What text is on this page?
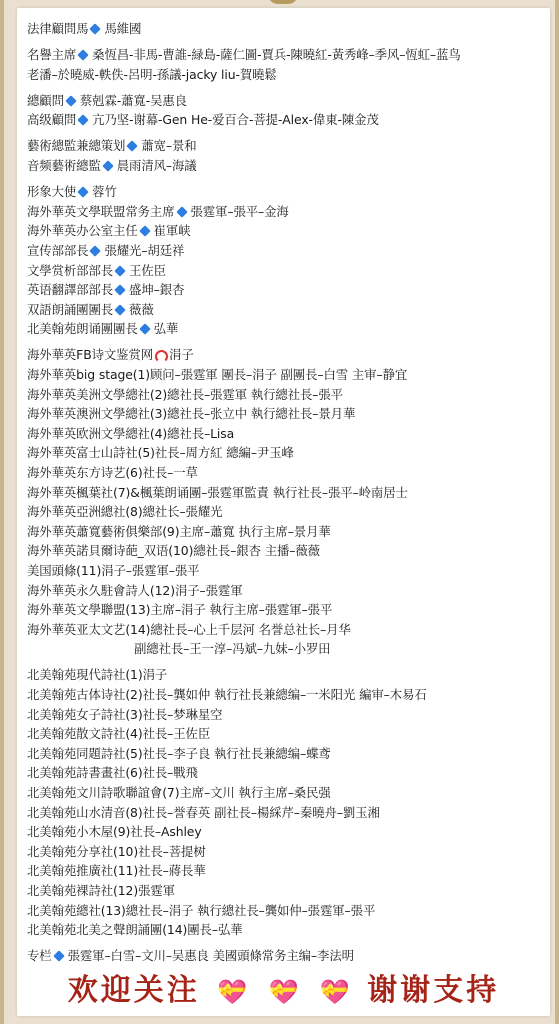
法律顧問馬 馬維國
名譽主席 桑恆昌-非馬-曹誰-緑島-薩仁圖-賈兵-陳曉紅-黃秀峰–季风–恆虹–蓝鸟
老潘–於曉威-軼佚-呂明-孫議-jacky liu-賀曉鬆
總顧問 蔡剋霖-蕭寬-吴惠良
高级顧問 亢乃坚-谢幕-Gen He-爱百合-菩提-Alex-偉東-陳金茂
藝術總監兼總策划 蕭宽–景和
音频藝術總監 晨雨清风–海議
形象大使 蓉竹
海外華英文學联盟常务主席 張霆軍–張平–金海
海外華英办公室主任 崔軍峡
宣传部部長 張耀光–胡廷祥
文學赏析部部長 王佐臣
英语翻譯部部長 盛坤–銀杏
双語朗誦團團長 薇薇
北美翰苑朗诵團團長 弘華
海外華英FB诗文鉴赏网 涓子
海外華英big stage(1)顾问–張霆軍 團長–涓子 副團長–白雪 主审–静宜
海外華英美洲文學總社(2)總社長–張霆軍 執行總社長–張平
海外華英澳洲文學總社(3)總社長–张立中 執行總社長–景月華
海外華英欧洲文學總社(4)總社長–Lisa
海外華英富士山詩社(5)社長–周方紅 總編–尹玉峰
海外華英东方诗艺(6)社長–一草
海外華英楓葉社(7)&楓葉朗诵團–張霆軍監責 執行社長–張平–岭南居士
海外華英亞洲總社(8)總社长–張耀光
海外華英蕭寬藝術俱樂部(9)主席–蕭寬 执行主席–景月華
海外華英諾貝爾诗葩_双语(10)總社長–銀杏 主播–薇薇
美国頭條(11)涓子–張霆軍–張平
海外華英永久駐會詩人(12)涓子–張霆軍
海外華英文學聯盟(13)主席–涓子 執行主席–張霆軍–張平
海外華英亚太文艺(14)總社長–心上千层河 名誉总社长–月华
副總社長–王一淳–冯斌–九妹–小罗田
北美翰苑現代詩社(1)涓子
北美翰苑古体诗社(2)社長–龔如仲 執行社長兼總编–一米阳光 編审–木易石
北美翰苑女子詩社(3)社長–梦琳星空
北美翰苑散文詩社(4)社長–王佐臣
北美翰苑同題詩社(5)社長–李子良 執行社長兼總编–蝶鸢
北美翰苑詩書畫社(6)社長–戰飛
北美翰苑文川詩歌聯誼會(7)主席–文川 執行主席–桑民强
北美翰苑山水清音(8)社長–誉春英 副社長–楊綵芹–秦曉舟–劉玉湘
北美翰苑小木屋(9)社長–Ashley
北美翰苑分享社(10)社長–菩提树
北美翰苑推廣社(11)社長–蔣長華
北美翰苑裸詩社(12)張霆軍
北美翰苑總社(13)總社長–涓子 執行總社長–龔如仲–張霆軍–張平
北美翰苑北美之聲朗誦團(14)團長–弘華
专栏 張霆軍–白雪–文川–吴惠良 美國頭條常务主编–李法明
欢迎关注 💝 💝 💝 谢谢支持
